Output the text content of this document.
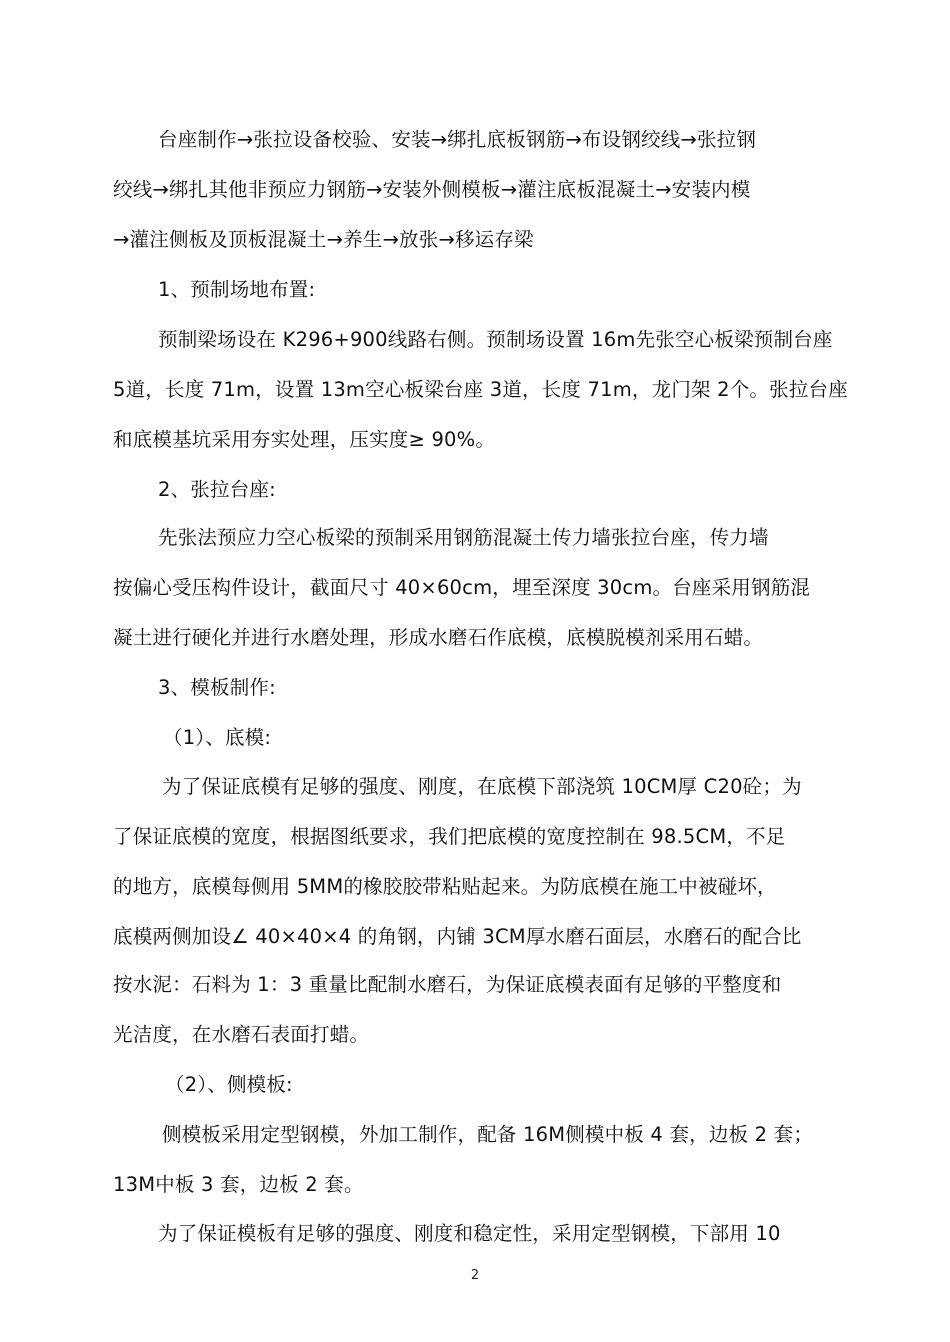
台座制作→张拉设备校验、安装→绑扎底板钢筋→布设钢绞线→张拉钢
绞线→绑扎其他非预应力钢筋→安装外侧模板→灌注底板混凝土→安装内模
→灌注侧板及顶板混凝土→养生→放张→移运存梁
1、预制场地布置:
预制梁场设在 K296+900线路右侧。预制场设置 16m先张空心板梁预制台座
5道，长度 71m，设置 13m空心板梁台座 3道，长度 71m，龙门架 2个。张拉台座
和底模基坑采用夯实处理，压实度≥ 90%。
2、张拉台座:
先张法预应力空心板梁的预制采用钢筋混凝土传力墙张拉台座，传力墙
按偏心受压构件设计，截面尺寸 40×60cm，埋至深度 30cm。台座采用钢筋混
凝土进行硬化并进行水磨处理，形成水磨石作底模，底模脱模剂采用石蜡。
3、模板制作:
（1）、底模:
为了保证底模有足够的强度、刚度，在底模下部浇筑 10CM厚 C20砼；为
了保证底模的宽度，根据图纸要求，我们把底模的宽度控制在 98.5CM，不足
的地方，底模每侧用 5MM的橡胶胶带粘贴起来。为防底模在施工中被碰坏，
底模两侧加设∠ 40×40×4 的角钢，内铺 3CM厚水磨石面层，水磨石的配合比
按水泥：石料为 1：3 重量比配制水磨石，为保证底模表面有足够的平整度和
光洁度，在水磨石表面打蜡。
（2）、侧模板:
侧模板采用定型钢模，外加工制作，配备 16M侧模中板 4 套，边板 2 套；
13M中板 3 套，边板 2 套。
为了保证模板有足够的强度、刚度和稳定性，采用定型钢模，下部用 10
2
